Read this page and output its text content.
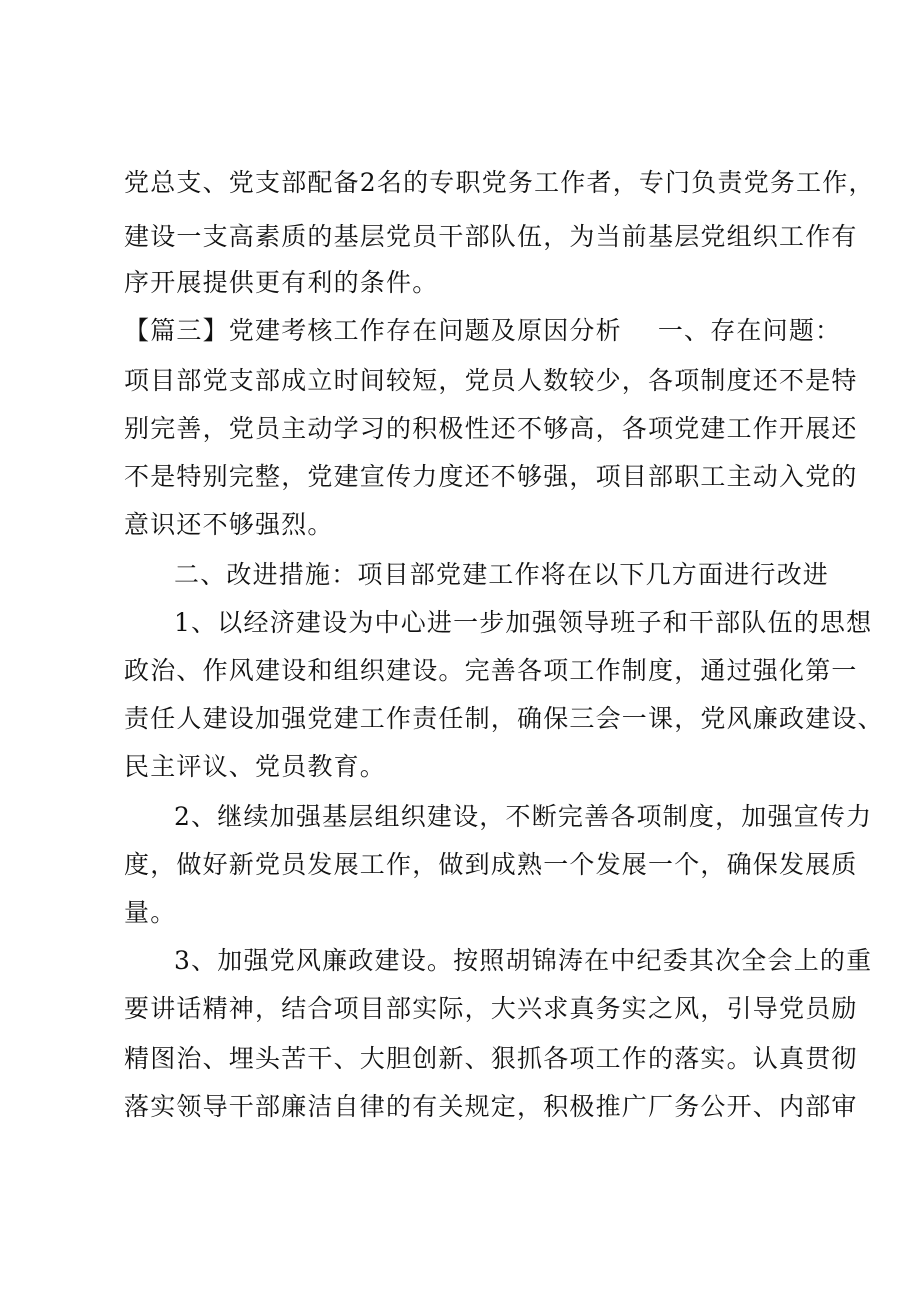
党总支、党支部配备2名的专职党务工作者，专门负责党务工作，
建设一支高素质的基层党员干部队伍，为当前基层党组织工作有
序开展提供更有利的条件。
【篇三】党建考核工作存在问题及原因分析 一、存在问题：
项目部党支部成立时间较短，党员人数较少，各项制度还不是特
别完善，党员主动学习的积极性还不够高，各项党建工作开展还
不是特别完整，党建宣传力度还不够强，项目部职工主动入党的
意识还不够强烈。
二、改进措施：项目部党建工作将在以下几方面进行改进
1、以经济建设为中心进一步加强领导班子和干部队伍的思想
政治、作风建设和组织建设。完善各项工作制度，通过强化第一
责任人建设加强党建工作责任制，确保三会一课，党风廉政建设、
民主评议、党员教育。
2、继续加强基层组织建设，不断完善各项制度，加强宣传力
度，做好新党员发展工作，做到成熟一个发展一个，确保发展质
量。
3、加强党风廉政建设。按照胡锦涛在中纪委其次全会上的重
要讲话精神，结合项目部实际，大兴求真务实之风，引导党员励
精图治、埋头苦干、大胆创新、狠抓各项工作的落实。认真贯彻
落实领导干部廉洁自律的有关规定，积极推广厂务公开、内部审
